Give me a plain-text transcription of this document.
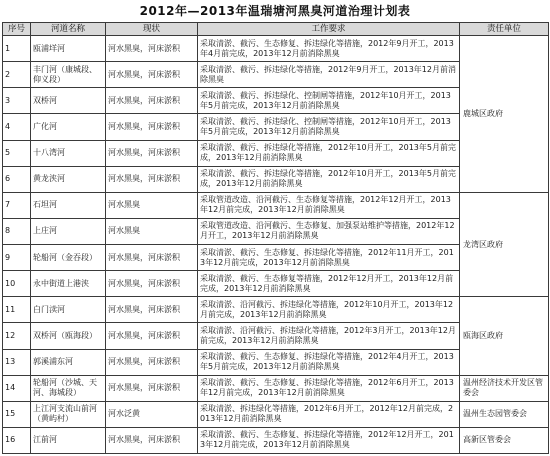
2012年—2013年温瑞塘河黑臭河道治理计划表
序号	河道名称	现状	工作要求	责任单位
1	瓯浦垟河	河水黑臭，河床淤积	采取清淤、截污、生态修复、拆违绿化等措施，2012年9月开工，2013年4月前完成，2013年12月前消除黑臭	鹿城区政府
2	丰门河（康城段、仰义段）	河水黑臭，河床淤积	采取清淤、截污、拆违绿化等措施，2012年9月开工，2013年12月前消除黑臭	
3	双桥河	河水黑臭，河床淤积	采取清淤、截污、拆违绿化、控制闸等措施，2012年10月开工，2013年5月前完成，2013年12月前消除黑臭	
4	广化河	河水黑臭，河床淤积	采取清淤、截污、拆违绿化、控制闸等措施，2012年10月开工，2013年5月前完成，2013年12月前消除黑臭	
5	十八湾河	河水黑臭，河床淤积	采取清淤、截污、拆违绿化等措施，2012年10月开工，2013年5月前完成，2013年12月前消除黑臭	
6	黄龙浃河	河水黑臭，河床淤积	采取清淤、截污、拆违绿化等措施，2012年10月开工，2013年5月前完成，2013年12月前消除黑臭	
7	石坦河	河水黑臭	采取管道改造、沿河截污、生态修复等措施，2012年12月开工，2013年12月前完成，2013年12月前消除黑臭	龙湾区政府
8	上庄河	河水黑臭	采取管道改造、沿河截污、生态修复、加强泵站维护等措施，2012年12月开工，2013年12月前消除黑臭	
9	轮船河（金吞段）	河水黑臭，河床淤积	采取清淤、截污、生态修复、拆违绿化等措施，2012年11月开工，2013年12月前完成，2013年12月前消除黑臭	
10	永中街道上港浃	河水黑臭，河床淤积	采取清淤、截污、生态修复等措施，2012年12月开工，2013年12月前完成，2013年12月前消除黑臭	
11	白门渎河	河水黑臭，河床淤积	采取清淤、沿河截污、拆违绿化等措施，2012年10月开工，2013年12月前完成，2013年12月前消除黑臭	瓯海区政府
12	双桥河（瓯海段）	河水黑臭，河床淤积	采取清淤、沿河截污、拆违绿化等措施，2012年3月开工，2013年12月前完成，2013年12月前消除黑臭	
13	郭溪浦东河	河水黑臭，河床淤积	采取清淤、截污、生态修复、拆违绿化等措施，2012年4月开工，2013年5月前完成，2013年12月前消除黑臭	
14	轮船河（沙城、天河、海城段）	河水黑臭，河床淤积	采取清淤、截污、生态修复、拆违绿化等措施，2012年6月开工，2013年12月前完成，2013年12月前消除黑臭	温州经济技术开发区管委会
15	上江河支流山前河（黄屿村）	河水泛黄	采取清淤、拆违绿化等措施，2012年6月开工，2012年12月前完成，2013年12月前消除黑臭	温州生态园管委会
16	江前河	河水黑臭，河床淤积	采取清淤、截污、生态修复、拆违绿化等措施，2012年12月开工，2013年12月前完成，2013年12月前消除黑臭	高新区管委会
